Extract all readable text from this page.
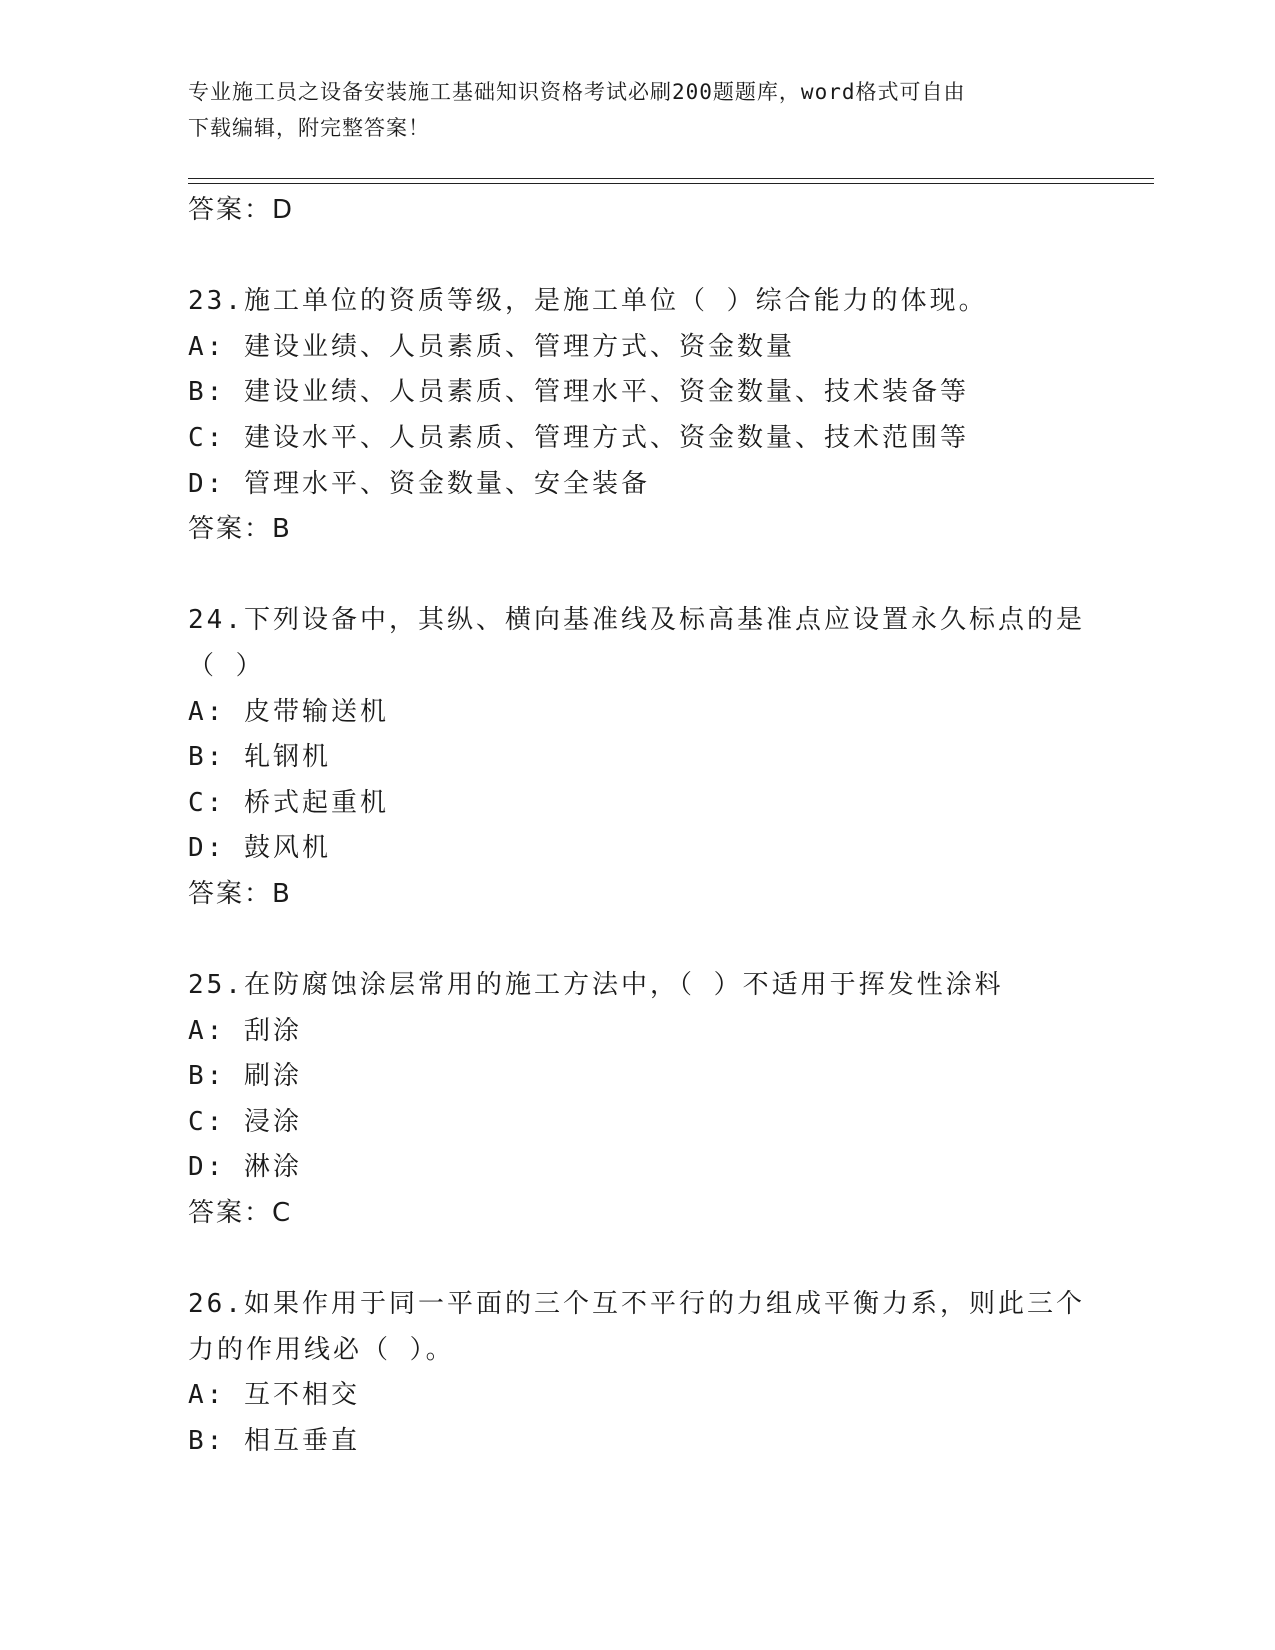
专业施工员之设备安装施工基础知识资格考试必刷200题题库，word格式可自由
下载编辑，附完整答案！
答案：D
23.施工单位的资质等级，是施工单位（ ）综合能力的体现。
A: 建设业绩、人员素质、管理方式、资金数量
B: 建设业绩、人员素质、管理水平、资金数量、技术装备等
C: 建设水平、人员素质、管理方式、资金数量、技术范围等
D: 管理水平、资金数量、安全装备
答案：B
24.下列设备中，其纵、横向基准线及标高基准点应设置永久标点的是
（ ）
A: 皮带输送机
B: 轧钢机
C: 桥式起重机
D: 鼓风机
答案：B
25.在防腐蚀涂层常用的施工方法中，（ ）不适用于挥发性涂料
A: 刮涂
B: 刷涂
C: 浸涂
D: 淋涂
答案：C
26.如果作用于同一平面的三个互不平行的力组成平衡力系，则此三个
力的作用线必（ ）。
A: 互不相交
B: 相互垂直
